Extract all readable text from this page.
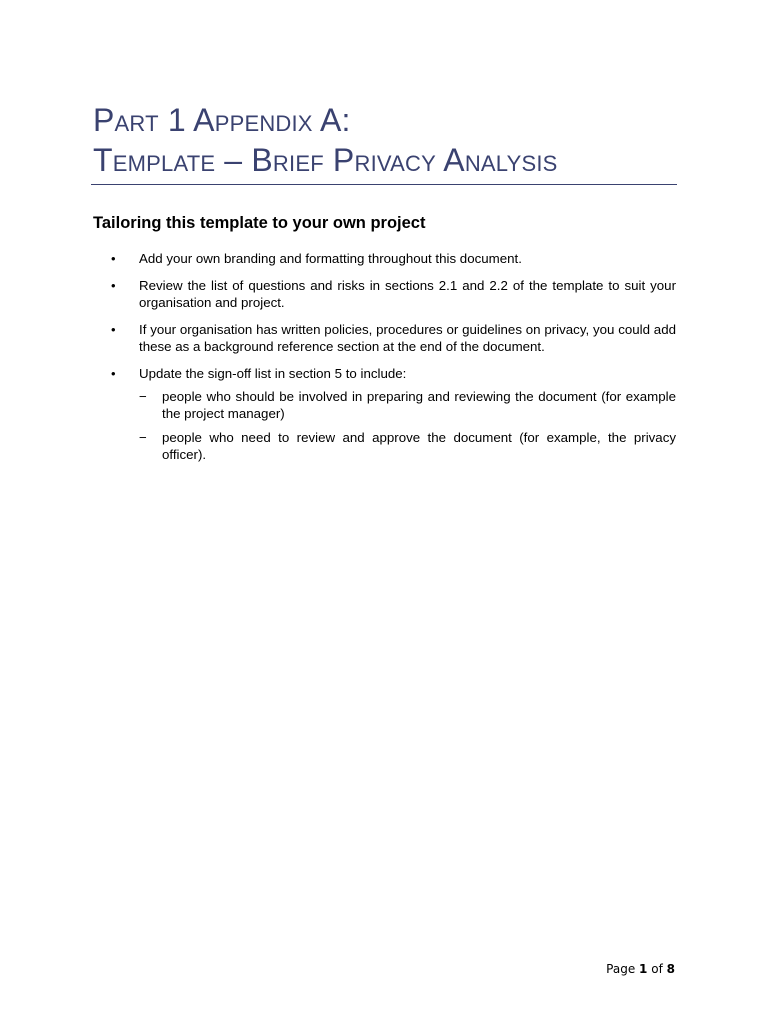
Part 1 Appendix A:
Template – Brief Privacy Analysis
Tailoring this template to your own project
• Add your own branding and formatting throughout this document.
• Review the list of questions and risks in sections 2.1 and 2.2 of the template to suit your organisation and project.
• If your organisation has written policies, procedures or guidelines on privacy, you could add these as a background reference section at the end of the document.
• Update the sign-off list in section 5 to include:
− people who should be involved in preparing and reviewing the document (for example the project manager)
− people who need to review and approve the document (for example, the privacy officer).
Page 1 of 8
